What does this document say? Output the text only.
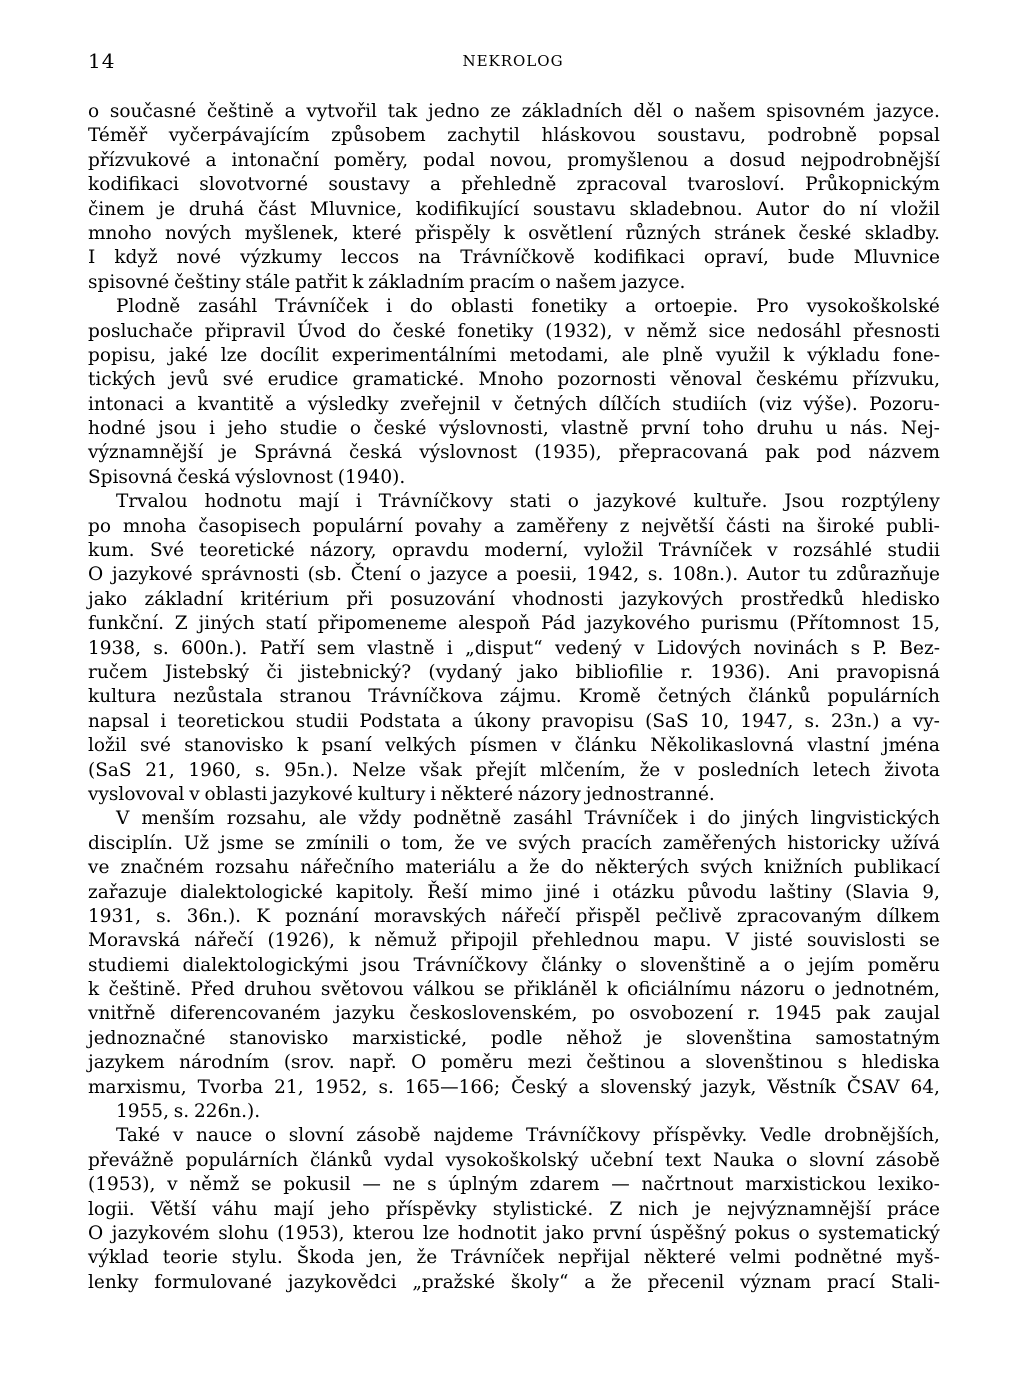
14	NEKROLOG
o současné češtině a vytvořil tak jedno ze základních děl o našem spisovném jazyce.
Téměř vyčerpávajícím způsobem zachytil hláskovou soustavu, podrobně popsal
přízvukové a intonační poměry, podal novou, promyšlenou a dosud nejpodrobnější
kodifikaci slovotvorné soustavy a přehledně zpracoval tvarosloví. Průkopnickým
činem je druhá část Mluvnice, kodifikující soustavu skladebnou. Autor do ní vložil
mnoho nových myšlenek, které přispěly k osvětlení různých stránek české skladby.
I když nové výzkumy leccos na Trávníčkově kodifikaci opraví, bude Mluvnice
spisovné češtiny stále patřit k základním pracím o našem jazyce.
Plodně zasáhl Trávníček i do oblasti fonetiky a ortoepie. Pro vysokoškolské
posluchače připravil Úvod do české fonetiky (1932), v němž sice nedosáhl přesnosti
popisu, jaké lze docílit experimentálními metodami, ale plně využil k výkladu fone-
tických jevů své erudice gramatické. Mnoho pozornosti věnoval českému přízvuku,
intonaci a kvantitě a výsledky zveřejnil v četných dílčích studiích (viz výše). Pozoru-
hodné jsou i jeho studie o české výslovnosti, vlastně první toho druhu u nás. Nej-
významnější je Správná česká výslovnost (1935), přepracovaná pak pod názvem
Spisovná česká výslovnost (1940).
Trvalou hodnotu mají i Trávníčkovy stati o jazykové kultuře. Jsou rozptýleny
po mnoha časopisech populární povahy a zaměřeny z největší části na široké publi-
kum. Své teoretické názory, opravdu moderní, vyložil Trávníček v rozsáhlé studii
O jazykové správnosti (sb. Čtení o jazyce a poesii, 1942, s. 108n.). Autor tu zdůrazňuje
jako základní kritérium při posuzování vhodnosti jazykových prostředků hledisko
funkční. Z jiných statí připomeneme alespoň Pád jazykového purismu (Přítomnost 15,
1938, s. 600n.). Patří sem vlastně i „disput“ vedený v Lidových novinách s P. Bez-
ručem Jistebský či jistebnický? (vydaný jako bibliofilie r. 1936). Ani pravopisná
kultura nezůstala stranou Trávníčkova zájmu. Kromě četných článků populárních
napsal i teoretickou studii Podstata a úkony pravopisu (SaS 10, 1947, s. 23n.) a vy-
ložil své stanovisko k psaní velkých písmen v článku Několikaslovná vlastní jména
(SaS 21, 1960, s. 95n.). Nelze však přejít mlčením, že v posledních letech života
vyslovoval v oblasti jazykové kultury i některé názory jednostranné.
V menším rozsahu, ale vždy podnětně zasáhl Trávníček i do jiných lingvistických
disciplín. Už jsme se zmínili o tom, že ve svých pracích zaměřených historicky užívá
ve značném rozsahu nářečního materiálu a že do některých svých knižních publikací
zařazuje dialektologické kapitoly. Řeší mimo jiné i otázku původu laštiny (Slavia 9,
1931, s. 36n.). K poznání moravských nářečí přispěl pečlivě zpracovaným dílkem
Moravská nářečí (1926), k němuž připojil přehlednou mapu. V jisté souvislosti se
studiemi dialektologickými jsou Trávníčkovy články o slovenštině a o jejím poměru
k češtině. Před druhou světovou válkou se přikláněl k oficiálnímu názoru o jednotném,
vnitřně diferencovaném jazyku československém, po osvobození r. 1945 pak zaujal
jednoznačné stanovisko marxistické, podle něhož je slovenština samostatným
jazykem národním (srov. např. O poměru mezi češtinou a slovenštinou s hlediska
marxismu, Tvorba 21, 1952, s. 165—166; Český a slovenský jazyk, Věstník ČSAV 64,
1955, s. 226n.).
Také v nauce o slovní zásobě najdeme Trávníčkovy příspěvky. Vedle drobnějších,
převážně populárních článků vydal vysokoškolský učební text Nauka o slovní zásobě
(1953), v němž se pokusil — ne s úplným zdarem — načrtnout marxistickou lexiko-
logii. Větší váhu mají jeho příspěvky stylistické. Z nich je nejvýznamnější práce
O jazykovém slohu (1953), kterou lze hodnotit jako první úspěšný pokus o systematický
výklad teorie stylu. Škoda jen, že Trávníček nepřijal některé velmi podnětné myš-
lenky formulované jazykovědci „pražské školy“ a že přecenil význam prací Stali-
